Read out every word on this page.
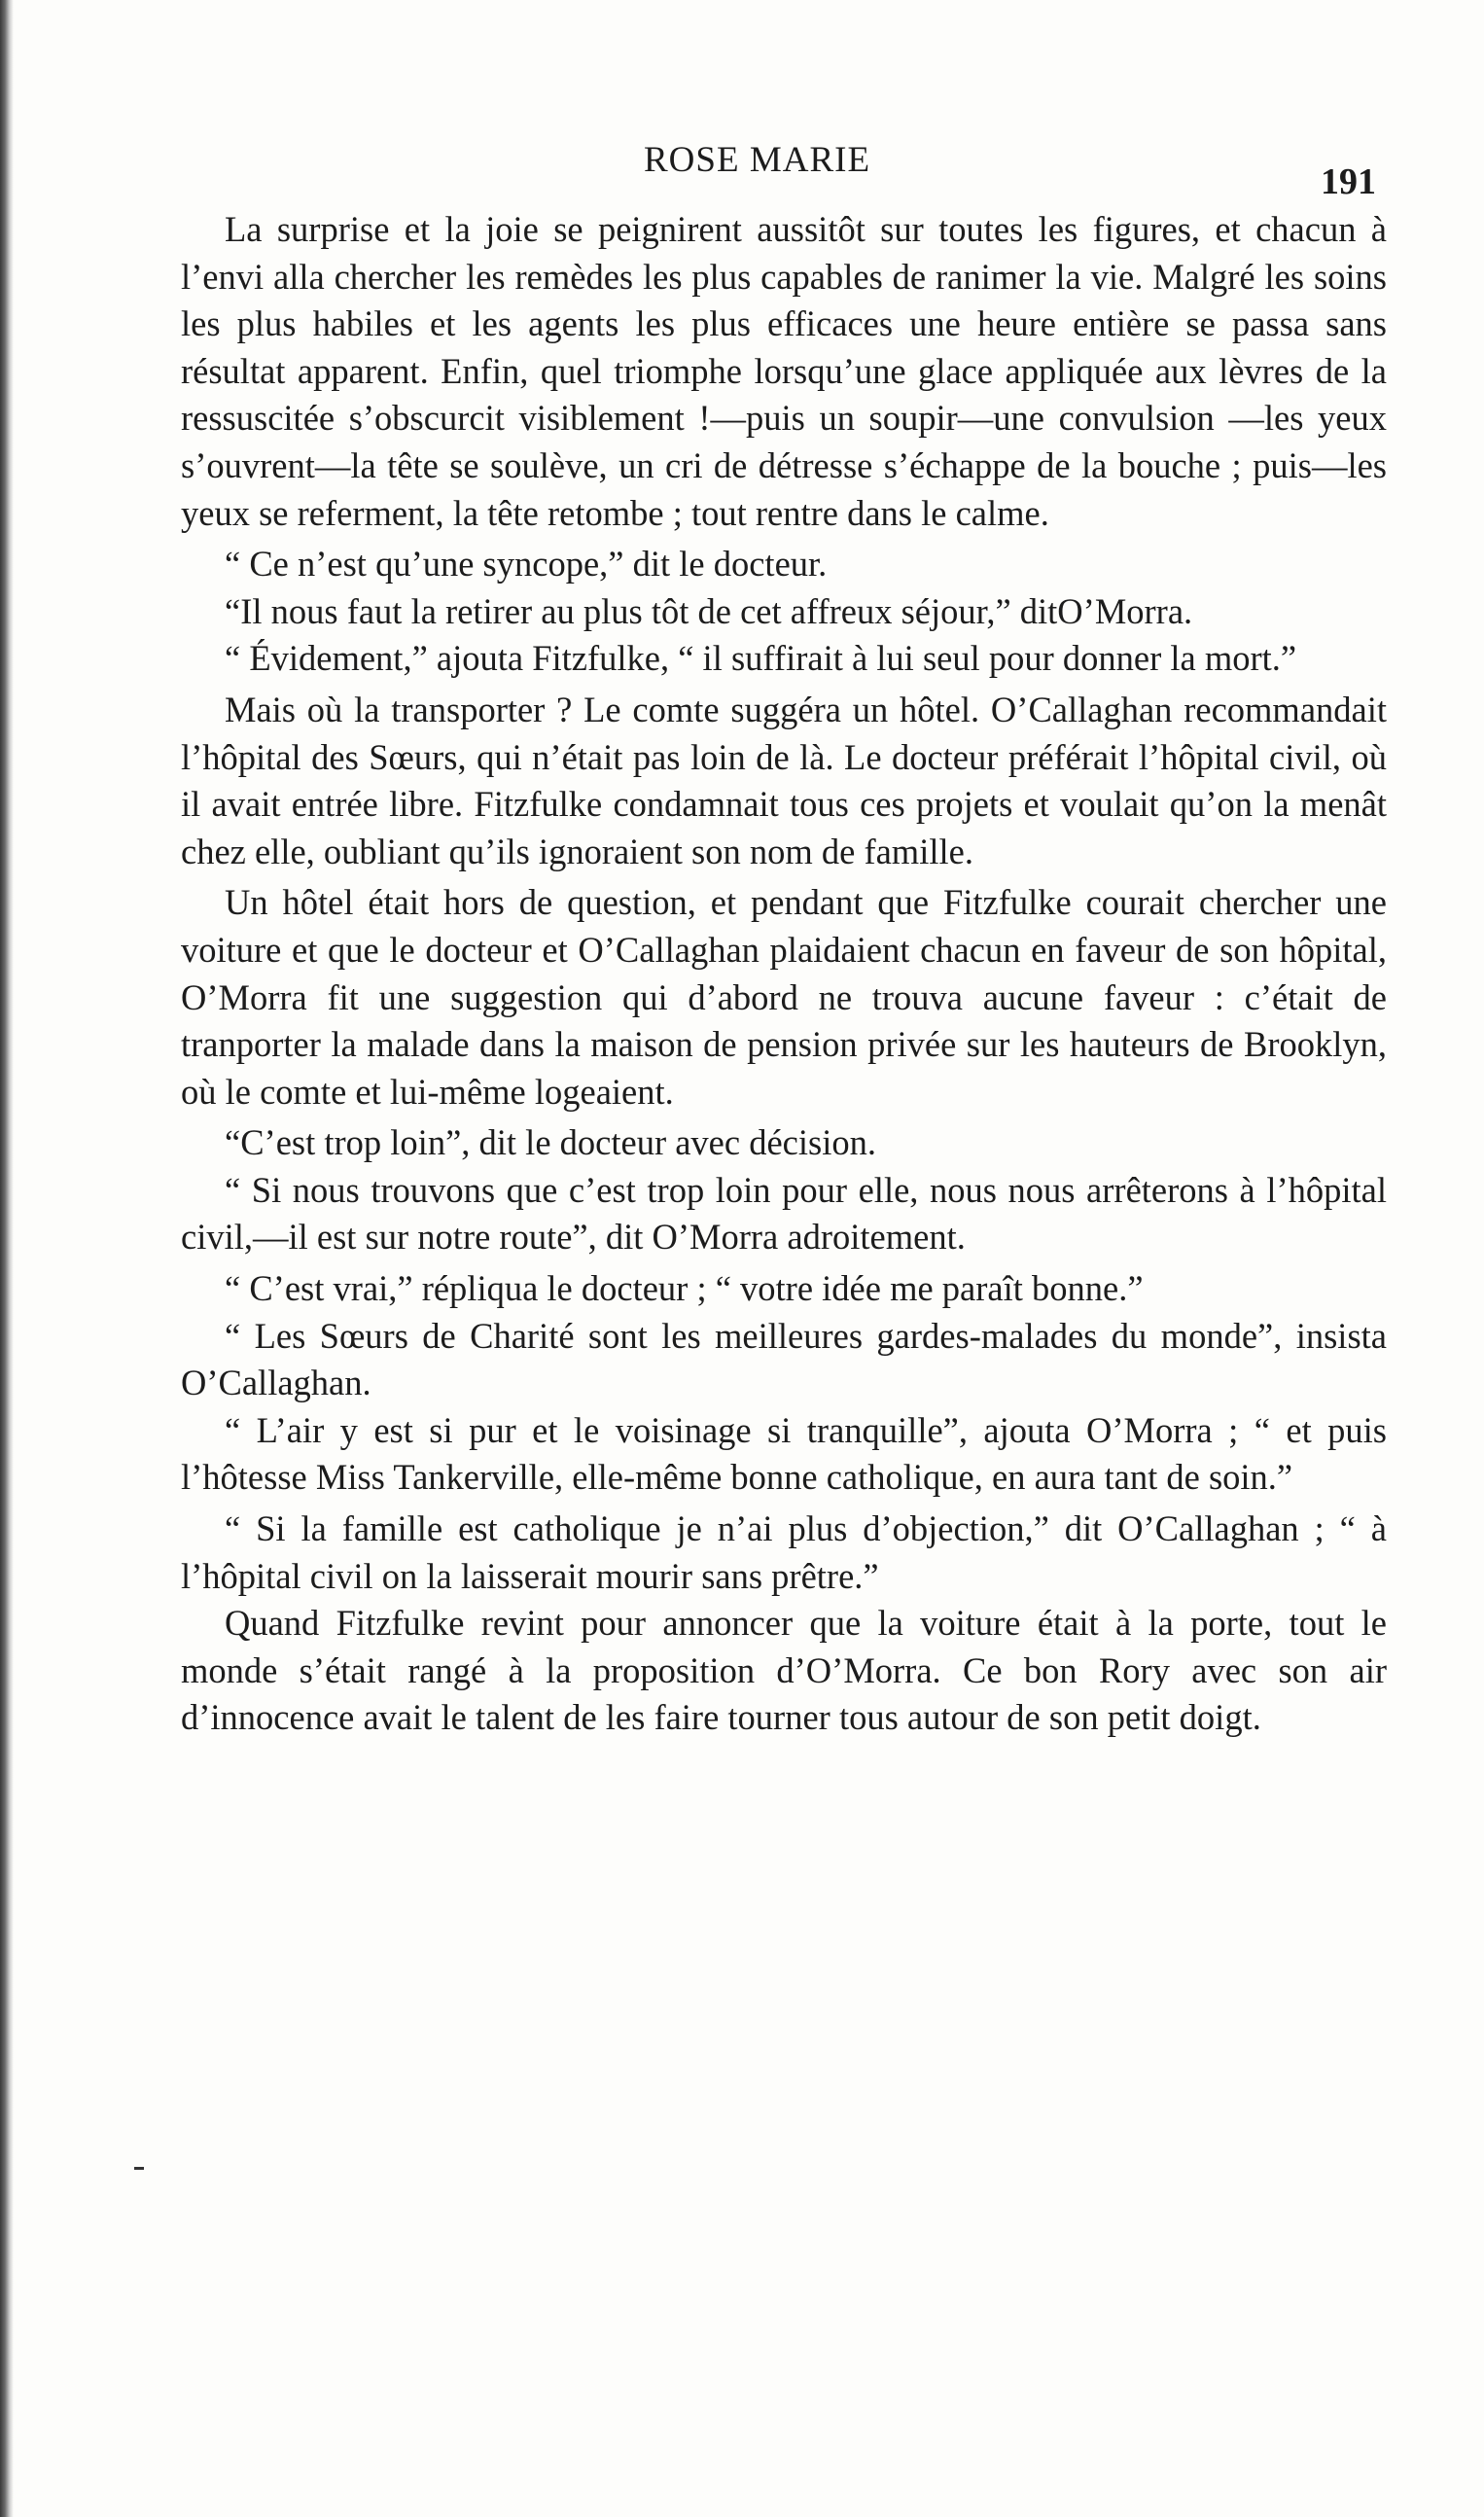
ROSE MARIE
191

La surprise et la joie se peignirent aussitôt sur toutes les figures, et chacun à l’envi alla chercher les remèdes les plus capables de ranimer la vie. Malgré les soins les plus habiles et les agents les plus efficaces une heure entière se passa sans résultat apparent. Enfin, quel triomphe lorsqu’une glace appliquée aux lèvres de la ressuscitée s’obscurcit visiblement !—puis un soupir—une convulsion —les yeux s’ouvrent—la tête se soulève, un cri de détresse s’échappe de la bouche ; puis—les yeux se referment, la tête retombe ; tout rentre dans le calme.

“ Ce n’est qu’une syncope,” dit le docteur.

“Il nous faut la retirer au plus tôt de cet affreux séjour,” ditO’Morra.

“ Évidement,” ajouta Fitzfulke, “ il suffirait à lui seul pour donner la mort.”

Mais où la transporter ? Le comte suggéra un hôtel. O’Callaghan recommandait l’hôpital des Sœurs, qui n’était pas loin de là. Le docteur préférait l’hôpital civil, où il avait entrée libre. Fitzfulke condamnait tous ces projets et voulait qu’on la menât chez elle, oubliant qu’ils ignoraient son nom de famille.

Un hôtel était hors de question, et pendant que Fitzfulke courait chercher une voiture et que le docteur et O’Callaghan plaidaient chacun en faveur de son hôpital, O’Morra fit une suggestion qui d’abord ne trouva aucune faveur : c’était de tranporter la malade dans la maison de pension privée sur les hauteurs de Brooklyn, où le comte et lui-même logeaient.

“C’est trop loin”, dit le docteur avec décision.

“ Si nous trouvons que c’est trop loin pour elle, nous nous arrêterons à l’hôpital civil,—il est sur notre route”, dit O’Morra adroitement.

“ C’est vrai,” répliqua le docteur ; “ votre idée me paraît bonne.”

“ Les Sœurs de Charité sont les meilleures gardes-malades du monde”, insista O’Callaghan.

“ L’air y est si pur et le voisinage si tranquille”, ajouta O’Morra ; “ et puis l’hôtesse Miss Tankerville, elle-même bonne catholique, en aura tant de soin.”

“ Si la famille est catholique je n’ai plus d’objection,” dit O’Callaghan ; “ à l’hôpital civil on la laisserait mourir sans prêtre.”

Quand Fitzfulke revint pour annoncer que la voiture était à la porte, tout le monde s’était rangé à la proposition d’O’Morra. Ce bon Rory avec son air d’innocence avait le talent de les faire tourner tous autour de son petit doigt.
